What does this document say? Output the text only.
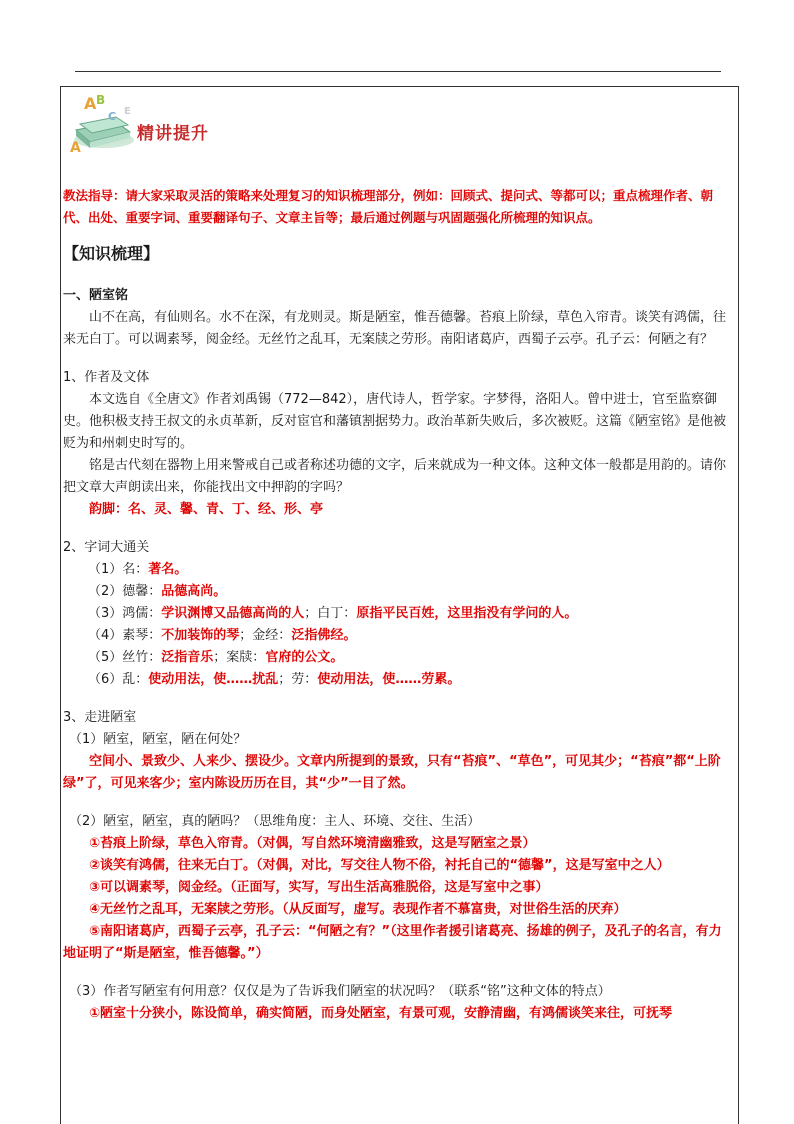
A B
C
A
E
精讲提升
教法指导：请大家采取灵活的策略来处理复习的知识梳理部分，例如：回顾式、提问式、等都可以；重点梳理作者、朝代、出处、重要字词、重要翻译句子、文章主旨等；最后通过例题与巩固题强化所梳理的知识点。
【知识梳理】
一、陋室铭
山不在高，有仙则名。水不在深，有龙则灵。斯是陋室，惟吾德馨。苔痕上阶绿，草色入帘青。谈笑有鸿儒，往来无白丁。可以调素琴，阅金经。无丝竹之乱耳，无案牍之劳形。南阳诸葛庐，西蜀子云亭。孔子云：何陋之有？
1、作者及文体
本文选自《全唐文》作者刘禹锡（772—842），唐代诗人，哲学家。字梦得，洛阳人。曾中进士，官至监察御史。他积极支持王叔文的永贞革新，反对宦官和藩镇割据势力。政治革新失败后，多次被贬。这篇《陋室铭》是他被贬为和州刺史时写的。
铭是古代刻在器物上用来警戒自己或者称述功德的文字，后来就成为一种文体。这种文体一般都是用韵的。请你把文章大声朗读出来，你能找出文中押韵的字吗？
韵脚：名、灵、馨、青、丁、经、形、亭
2、字词大通关
（1）名：著名。
（2）德馨：品德高尚。
（3）鸿儒：学识渊博又品德高尚的人；白丁：原指平民百姓，这里指没有学问的人。
（4）素琴：不加装饰的琴；金经：泛指佛经。
（5）丝竹：泛指音乐；案牍：官府的公文。
（6）乱：使动用法，使……扰乱；劳：使动用法，使……劳累。
3、走进陋室
（1）陋室，陋室，陋在何处？
空间小、景致少、人来少、摆设少。文章内所提到的景致，只有“苔痕”、“草色”，可见其少；“苔痕”都“上阶绿”了，可见来客少；室内陈设历历在目，其“少”一目了然。
（2）陋室，陋室，真的陋吗？（思维角度：主人、环境、交往、生活）
①苔痕上阶绿，草色入帘青。（对偶，写自然环境清幽雅致，这是写陋室之景）
②谈笑有鸿儒，往来无白丁。（对偶，对比，写交往人物不俗，衬托自己的“德馨”，这是写室中之人）
③可以调素琴，阅金经。（正面写，实写，写出生活高雅脱俗，这是写室中之事）
④无丝竹之乱耳，无案牍之劳形。（从反面写，虚写。表现作者不慕富贵，对世俗生活的厌弃）
⑤南阳诸葛庐，西蜀子云亭，孔子云：“何陋之有？”（这里作者援引诸葛亮、扬雄的例子，及孔子的名言，有力地证明了“斯是陋室，惟吾德馨。”）
（3）作者写陋室有何用意？仅仅是为了告诉我们陋室的状况吗？（联系“铭”这种文体的特点）
①陋室十分狭小，陈设简单，确实简陋，而身处陋室，有景可观，安静清幽，有鸿儒谈笑来往，可抚琴
